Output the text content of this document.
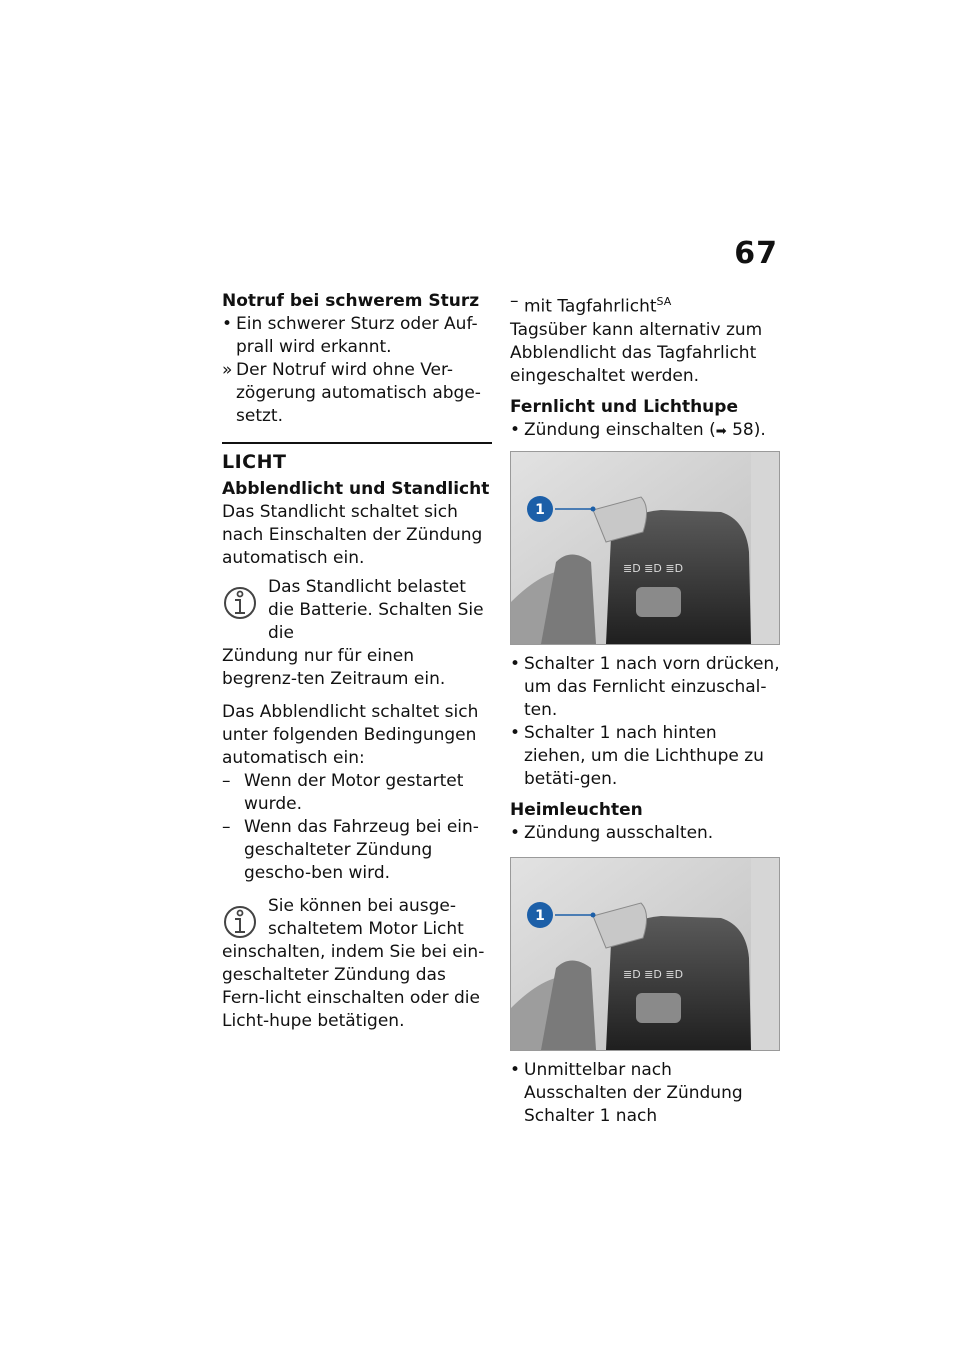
67
Notruf bei schwerem Sturz
• Ein schwerer Sturz oder Auf-prall wird erkannt.
» Der Notruf wird ohne Ver-zögerung automatisch abge-setzt.
LICHT
Abblendlicht und Standlicht
Das Standlicht schaltet sich nach Einschalten der Zündung automatisch ein.
Das Standlicht belastet die Batterie. Schalten Sie die
Zündung nur für einen begrenz-ten Zeitraum ein.
Das Abblendlicht schaltet sich unter folgenden Bedingungen automatisch ein:
– Wenn der Motor gestartet wurde.
– Wenn das Fahrzeug bei ein-geschalteter Zündung gescho-ben wird.
Sie können bei ausge-schaltetem Motor Licht
einschalten, indem Sie bei ein-geschalteter Zündung das Fern-licht einschalten oder die Licht-hupe betätigen.
– mit Tagfahrlicht$^{SA}$
Tagsüber kann alternativ zum Abblendlicht das Tagfahrlicht eingeschaltet werden.
Fernlicht und Lichthupe
• Zündung einschalten (➡ 58).
≣D ≣D ≣D
1
• Schalter 1 nach vorn drücken, um das Fernlicht einzuschal-ten.
• Schalter 1 nach hinten ziehen, um die Lichthupe zu betäti-gen.
Heimleuchten
• Zündung ausschalten.
≣D ≣D ≣D
1
• Unmittelbar nach Ausschalten der Zündung Schalter 1 nach
